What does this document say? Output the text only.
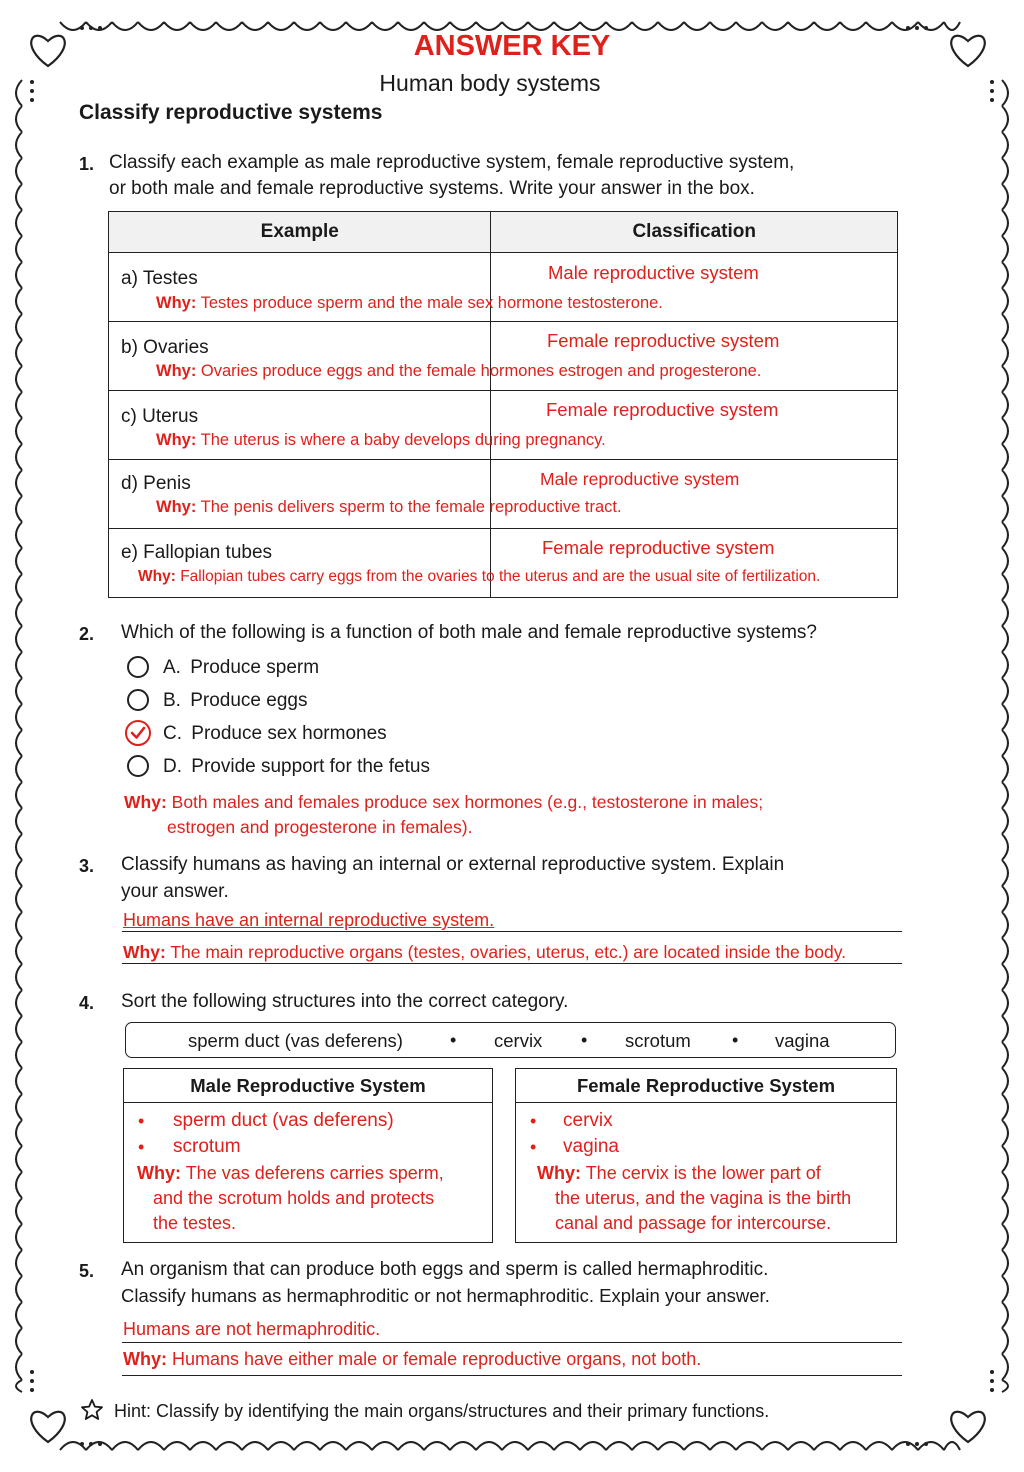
ANSWER KEY
Human body systems
Classify reproductive systems
1. Classify each example as male reproductive system, female reproductive system,
or both male and female reproductive systems. Write your answer in the box.
Example	Classification

a) Testes	Male reproductive system
Why: Testes produce sperm and the male sex hormone testosterone.
b) Ovaries	Female reproductive system
Why: Ovaries produce eggs and the female hormones estrogen and progesterone.
c) Uterus	Female reproductive system
Why: The uterus is where a baby develops during pregnancy.
d) Penis	Male reproductive system
Why: The penis delivers sperm to the female reproductive tract.
e) Fallopian tubes	Female reproductive system
Why: Fallopian tubes carry eggs from the ovaries to the uterus and are the usual site of fertilization.
2. Which of the following is a function of both male and female reproductive systems?
A. Produce sperm
B. Produce eggs
C. Produce sex hormones
D. Provide support for the fetus
Why: Both males and females produce sex hormones (e.g., testosterone in males;
estrogen and progesterone in females).
3. Classify humans as having an internal or external reproductive system. Explain
your answer.
Humans have an internal reproductive system.
Why: The main reproductive organs (testes, ovaries, uterus, etc.) are located inside the body.
4. Sort the following structures into the correct category.
sperm duct (vas deferens)	• cervix • scrotum • vagina
Male Reproductive System
• sperm duct (vas deferens)
• scrotum
Why: The vas deferens carries sperm,
and the scrotum holds and protects
the testes.
Female Reproductive System
• cervix
• vagina
Why: The cervix is the lower part of
the uterus, and the vagina is the birth
canal and passage for intercourse.
5. An organism that can produce both eggs and sperm is called hermaphroditic.
Classify humans as hermaphroditic or not hermaphroditic. Explain your answer.
Humans are not hermaphroditic.
Why: Humans have either male or female reproductive organs, not both.
Hint: Classify by identifying the main organs/structures and their primary functions.
